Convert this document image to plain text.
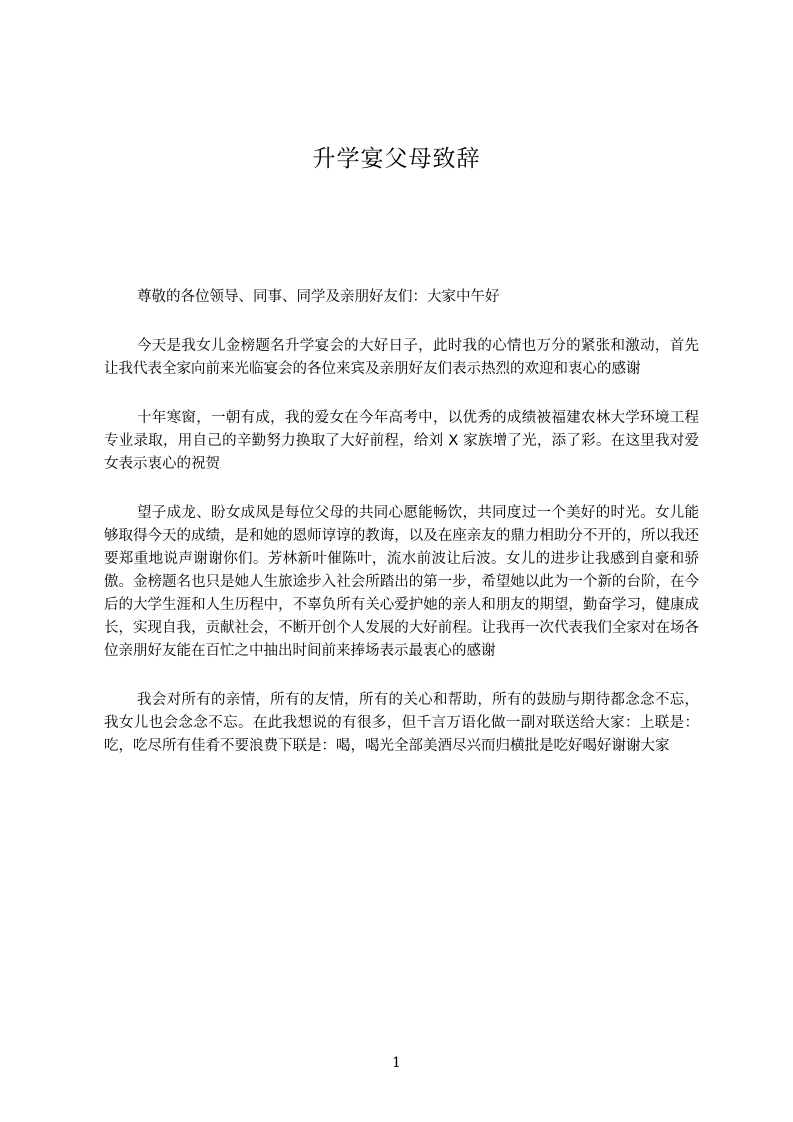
升学宴父母致辞

尊敬的各位领导、同事、同学及亲朋好友们：大家中午好

今天是我女儿金榜题名升学宴会的大好日子，此时我的心情也万分的紧张和激动，首先让我代表全家向前来光临宴会的各位来宾及亲朋好友们表示热烈的欢迎和衷心的感谢

十年寒窗，一朝有成，我的爱女在今年高考中，以优秀的成绩被福建农林大学环境工程专业录取，用自己的辛勤努力换取了大好前程，给刘 X 家族增了光，添了彩。在这里我对爱女表示衷心的祝贺

望子成龙、盼女成凤是每位父母的共同心愿能畅饮，共同度过一个美好的时光。女儿能够取得今天的成绩，是和她的恩师谆谆的教诲，以及在座亲友的鼎力相助分不开的，所以我还要郑重地说声谢谢你们。芳林新叶催陈叶，流水前波让后波。女儿的进步让我感到自豪和骄傲。金榜题名也只是她人生旅途步入社会所踏出的第一步，希望她以此为一个新的台阶，在今后的大学生涯和人生历程中，不辜负所有关心爱护她的亲人和朋友的期望，勤奋学习，健康成长，实现自我，贡献社会，不断开创个人发展的大好前程。让我再一次代表我们全家对在场各位亲朋好友能在百忙之中抽出时间前来捧场表示最衷心的感谢

我会对所有的亲情，所有的友情，所有的关心和帮助，所有的鼓励与期待都念念不忘，我女儿也会念念不忘。在此我想说的有很多，但千言万语化做一副对联送给大家：上联是：吃，吃尽所有佳肴不要浪费下联是：喝，喝光全部美酒尽兴而归横批是吃好喝好谢谢大家

1
